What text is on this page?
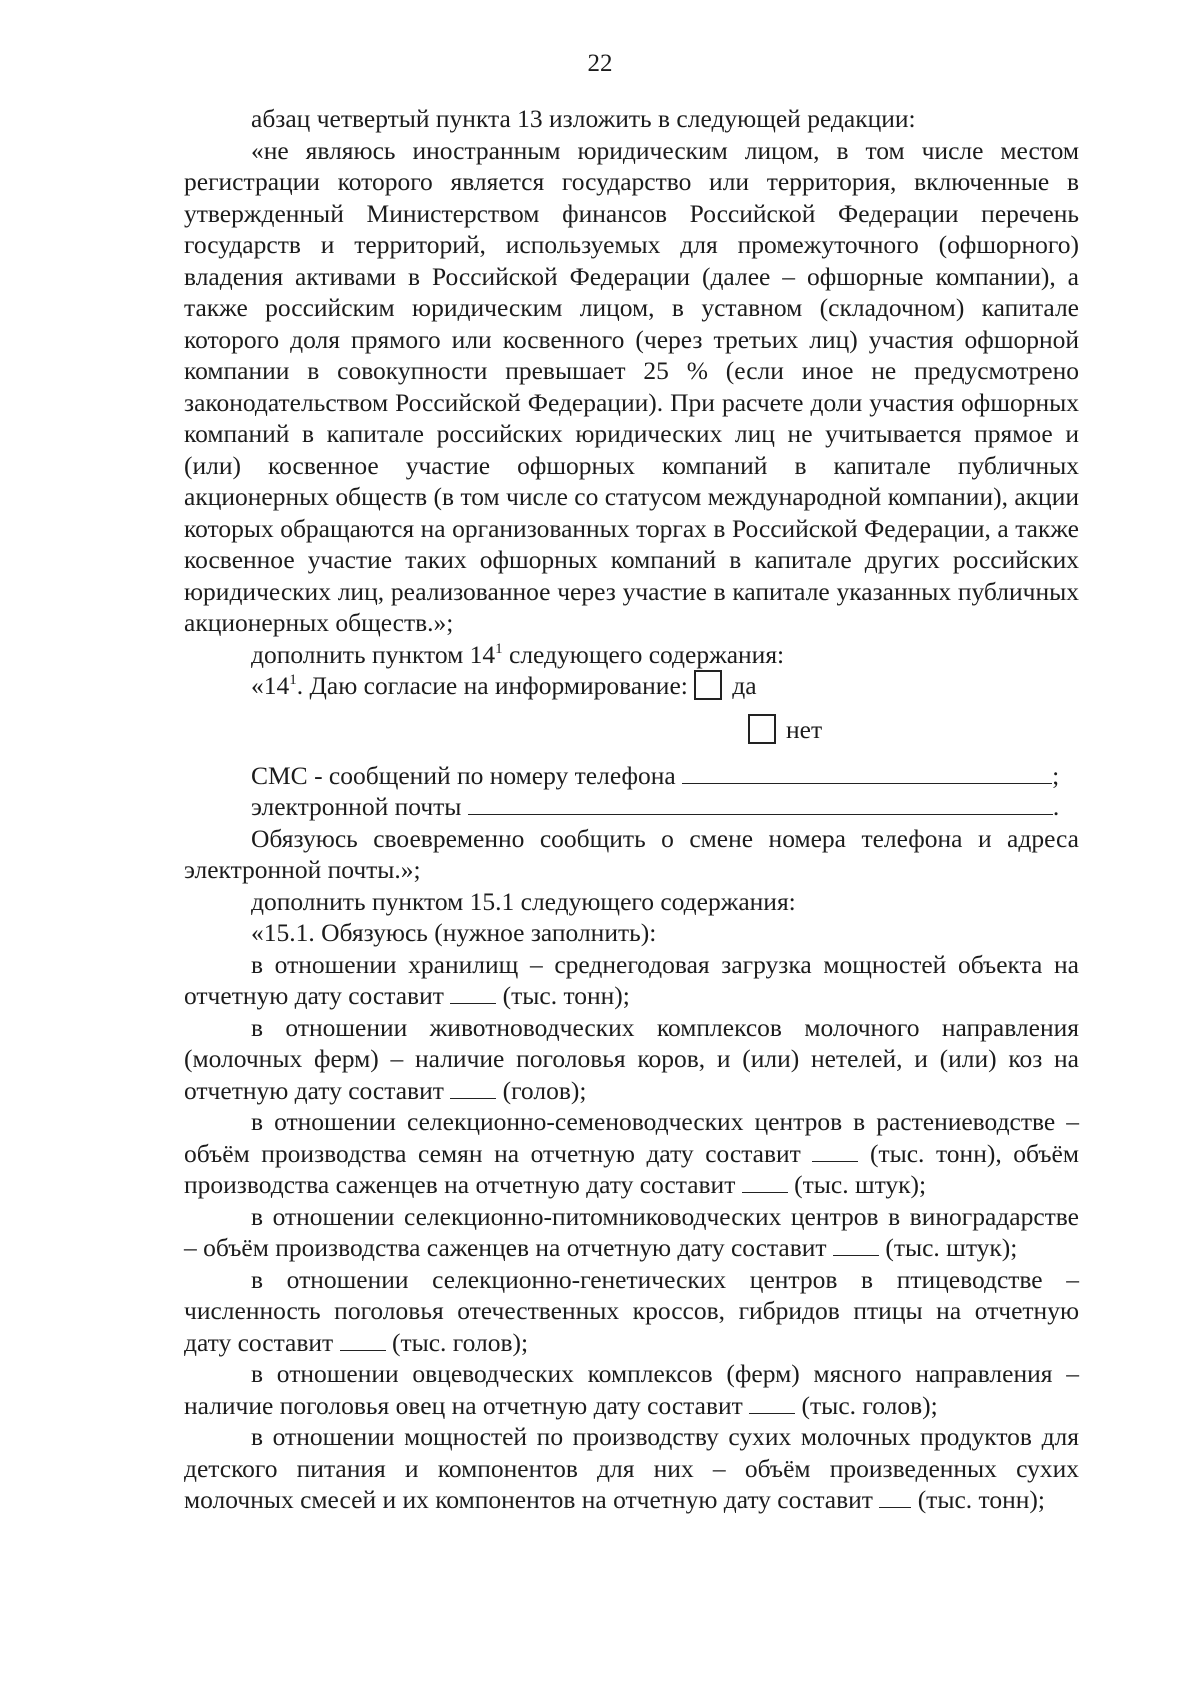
22

абзац четвертый пункта 13 изложить в следующей редакции:

«не являюсь иностранным юридическим лицом, в том числе местом регистрации которого является государство или территория, включенные в утвержденный Министерством финансов Российской Федерации перечень государств и территорий, используемых для промежуточного (офшорного) владения активами в Российской Федерации (далее – офшорные компании), а также российским юридическим лицом, в уставном (складочном) капитале которого доля прямого или косвенного (через третьих лиц) участия офшорной компании в совокупности превышает 25 % (если иное не предусмотрено законодательством Российской Федерации). При расчете доли участия офшорных компаний в капитале российских юридических лиц не учитывается прямое и (или) косвенное участие офшорных компаний в капитале публичных акционерных обществ (в том числе со статусом международной компании), акции которых обращаются на организованных торгах в Российской Федерации, а также косвенное участие таких офшорных компаний в капитале других российских юридических лиц, реализованное через участие в капитале указанных публичных акционерных обществ.»;

дополнить пунктом $14^1$ следующего содержания:

«$14^1$. Даю согласие на информирование: да
нет
СМС - сообщений по номеру телефона	;
электронной почты	.

Обязуюсь своевременно сообщить о смене номера телефона и адреса электронной почты.»;

дополнить пунктом 15.1 следующего содержания:

«15.1. Обязуюсь (нужное заполнить):

в отношении хранилищ – среднегодовая загрузка мощностей объекта на отчетную дату составит (тыс. тонн);

в отношении животноводческих комплексов молочного направления (молочных ферм) – наличие поголовья коров, и (или) нетелей, и (или) коз на отчетную дату составит (голов);

в отношении селекционно-семеноводческих центров в растениеводстве – объём производства семян на отчетную дату составит	(тыс. тонн), объём производства саженцев на отчетную дату составит (тыс. штук);

в отношении селекционно-питомниководческих центров в виноградарстве – объём производства саженцев на отчетную дату составит (тыс. штук);

в отношении селекционно-генетических центров в птицеводстве – численность поголовья отечественных кроссов, гибридов птицы на отчетную дату составит (тыс. голов);

в отношении овцеводческих комплексов (ферм) мясного направления – наличие поголовья овец на отчетную дату составит (тыс. голов);

в отношении мощностей по производству сухих молочных продуктов для детского питания и компонентов для них – объём произведенных сухих молочных смесей и их компонентов на отчетную дату составит (тыс. тонн);
